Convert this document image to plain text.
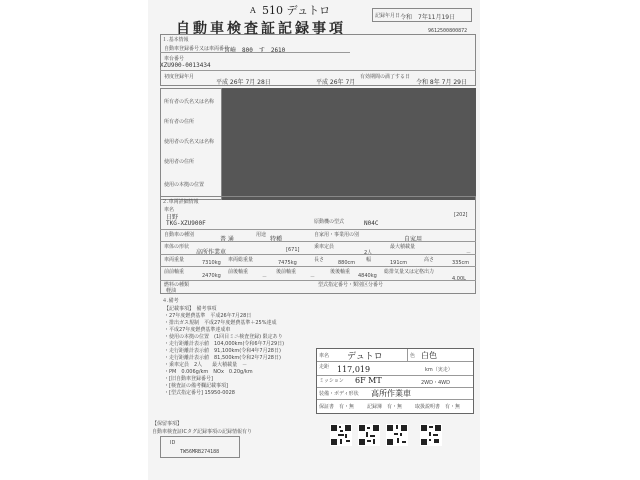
A 510 デュトロ
自動車検査証記録事項
記録年月日 令和　7年11月19日
9612500800872
１.基本情報
自動車登録番号又は車両番号
宮崎　800　す　2610
車台番号
XZU900-0013434
初度登録年月
平成 26年 7月 28日	平成 26年 7月
有効期間の満了する日
令和 8年 7月 29日
所有者の氏名又は名称
所有者の住所
使用者の氏名又は名称
使用者の住所
使用の本拠の位置
２.車両詳細情報
車名
日野	[202]
TKG-XZU900F	原動機の型式	N04C
自動車の種別
普 通
用途
特種
自家用・事業用の別
自家用
車体の形状
高所作業車	[671]	乗車定員
2人
最大積載量
－
車両重量	7310kg 車両総重量	7475kg	長さ	880cm 幅	191cm	高さ	335cm
前前軸重
2470kg
前後軸重
－
後前軸重
－
後後軸重
4840kg
総排気量又は定格出力
4.00L
燃料の種類
軽油
型式指定番号・類別区分番号
４.備考
【記載事項】　備考事項
・27年度燃費基準　平成26年7月28日　
・排出ガス規制　平成27年度燃費基準＋25%達成
・平成27年度燃費基準達成車
・使用の本拠の位置　(1回目ミニ検査登録) 限定あり
・走行距離計表示値　104,000km(令和6年7月29日)
・走行距離計表示値　91,100km(令和4年7月28日)
・走行距離計表示値　81,500km(令和2年7月28日)
・乗車定員　2人　　最大積載量　－
・PM　0.006g/km　NOx　0.20g/km
・[旧自動車登録番号]
・[検査証の備考欄記載事項]
・[型式指定番号] 15950-0028
車名 デュトロ	色 白色
走距 117,019	km（実走）
ミッション 6F MT	2WD・4WD
装備・ボディ形状 高所作業車
保証書　有・無	記録簿　有・無	取扱説明書　有・無
【保留事項】
自動車検査証ICタグ記録事項の記録情報有り
ID
TW56MRB274188
